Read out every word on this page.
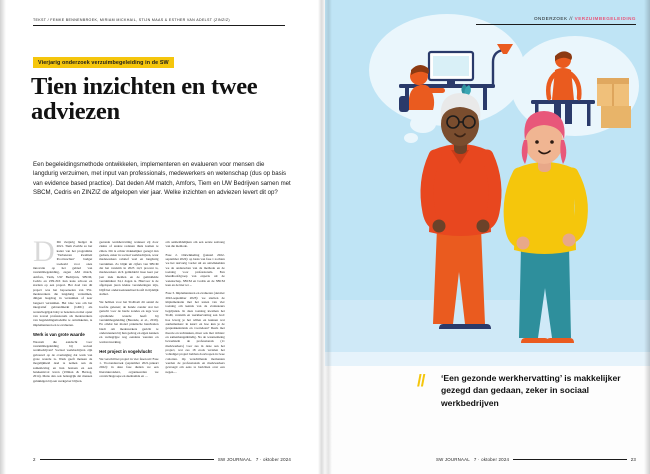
TEKST / FEMKE BENNENBROEK, MIRIAM MICKHAIL, STIJN MAAS & ESTHER VAN ADELST (ZINZIZ)
Vierjarig onderzoek verzuimbegeleiding in de SW
Tien inzichten en twee adviezen
Een begeleidingsmethode ontwikkelen, implementeren en evalueren voor mensen die langdurig verzuimen, met input van professionals, medewerkers en wetenschap (dus op basis van evidence based practice). Dat deden AM match, Amfors, Tiem en UW Bedrijven samen met SBCM, Cedris en ZINZIZ de afgelopen vier jaar. Welke inzichten en adviezen levert dit op?

D Dit vierjarig budget in 2021. Tiem Zoaldw zo het kader van het programma ‘Verbeteren kwaliteit Poortwachter’ budget toedeeld voor onze innovatie op het gebied van verzuimbegeleiding, zegen AM match, Amfors, Tiem, UW Bedrijven, SBCM, Cedris en ZIN-ZIZ hun kans schoon en startten op een project. Het doel van dit project was het bepoeteelen van SW-medewerkers die langdurig verzuimen, ditigen laagdrag in verzuimen of zeer longeert verzuimen. Het idee was om het integratief gebrandmerkt (GMC) als weten/begrijpk baby te bezetten en met opzet van zoveel professionals als medewerkers van begeleidingsmodeille te ontwikkelen, te implementeren en te evalueren.

Werk is van grote waarde

Waarom die aandacht voor verzuimbegeleiding bij sociaal werkbedrijven? Sociaal werkbedrijven zijn gebouwd op de overtuiging dat werk van grote waarde is. Werk geeft mensen de mogelijkheid deel te nemen aan de samenleving en hun bestaan en een betekenisvol leven (Ullman & Herzog, 2014). Mens dan ook belangrijk dat mensen gelukkigen bij een werkgever blijven.

gezonde werkhervatting wanneer zij door ziekte of andere redenen thuis komen te zitten. Dit is echter makkelijker gezegd dan gedaan, zeker in sociaal werkbedrijven, waar medewerkers relatief veel en langdurig verzuimen. Zo blijkt uit cijfers van SBCM dat het verzuim in 2023 14,5 procent is, medewerkers zich gemiddeld twee keer per jaar ziek melden en de gemiddelde verzuimduur 34,1 dagen is. Hiervoor is de afgelopen jaren kleine veranderingen zijn, blijft het onderzoekresultaat hoofd in tijdelijk stabiel.

We hebben voor het SGM-ult dit aantal de hoofde gelezen; de hande zonder stat het gerucht voor de harde zondes en tege voor opvallende waarde heeft bij verzuimbegeleiding (Berende, et al., 2019). En omdat het model praktische handvatten biedt om medewerkers gericht te ondersteunen bij hun gedrag en eigen kennen en weltegrijpe nog eendens wereien en werkverwerking.

Het project in vogelvlucht

We verschil het project in vier fasen uit: Fase 1. Vooronderzoek (september 2021-januari 2022): in deze fase dieden we een literatuuronderz, organiseerden we overzichtsgroepe en deelnamde en …

om aanbelddelijken om een eerste aanvang van die methode.

Fase 2. Ontwikkeling (januari 2022-september 2022): op basis van fase 1 zochten we het tastvarig vorder uit en ontwikkelden we de ondersoben van de methode en de toetsing voor professionals. Een kleedhoofdgroep van experts uit de wetenschap, SBCM en Cedris en de SBCM leen en de hier ter ...

Fase 3. Implementeren en evalueren (oktober 2022-september 2023): we startten de implementatie met het testen van vier toetsing om kennis van de evaluateurs begrijnden. In deze toetsing kwamen het SGM, verzuim en werkhervatting aan bod: hoe leverg je het willen en kunnen wat aanbemerken: in kaart: en hoe kun je de gesprekkennisnis en voorteleen? Deels met theorie en technieken, maar ook met richten: en samenhangenbindig. Na de waarnemeing bevaalsteln de professionals (11 medewerkers) voor zes in deze aan het project, wat zes 18 zoals vertalen het vollediget project hebben doorloopen in twee cohorten. Op verschillende momenten werden de professionals en medewerkers gevraagd om eens te berichten over een negen-...

2	SW JOURNAAL 7 · oktober 2024
ONDERZOEK // VERZUIMBEGELEIDING
// ‘Een gezonde werkhervatting’ is makkelijker gezegd dan gedaan, zeker in sociaal werkbedrijven
SW JOURNAAL 7 · oktober 2024	23
